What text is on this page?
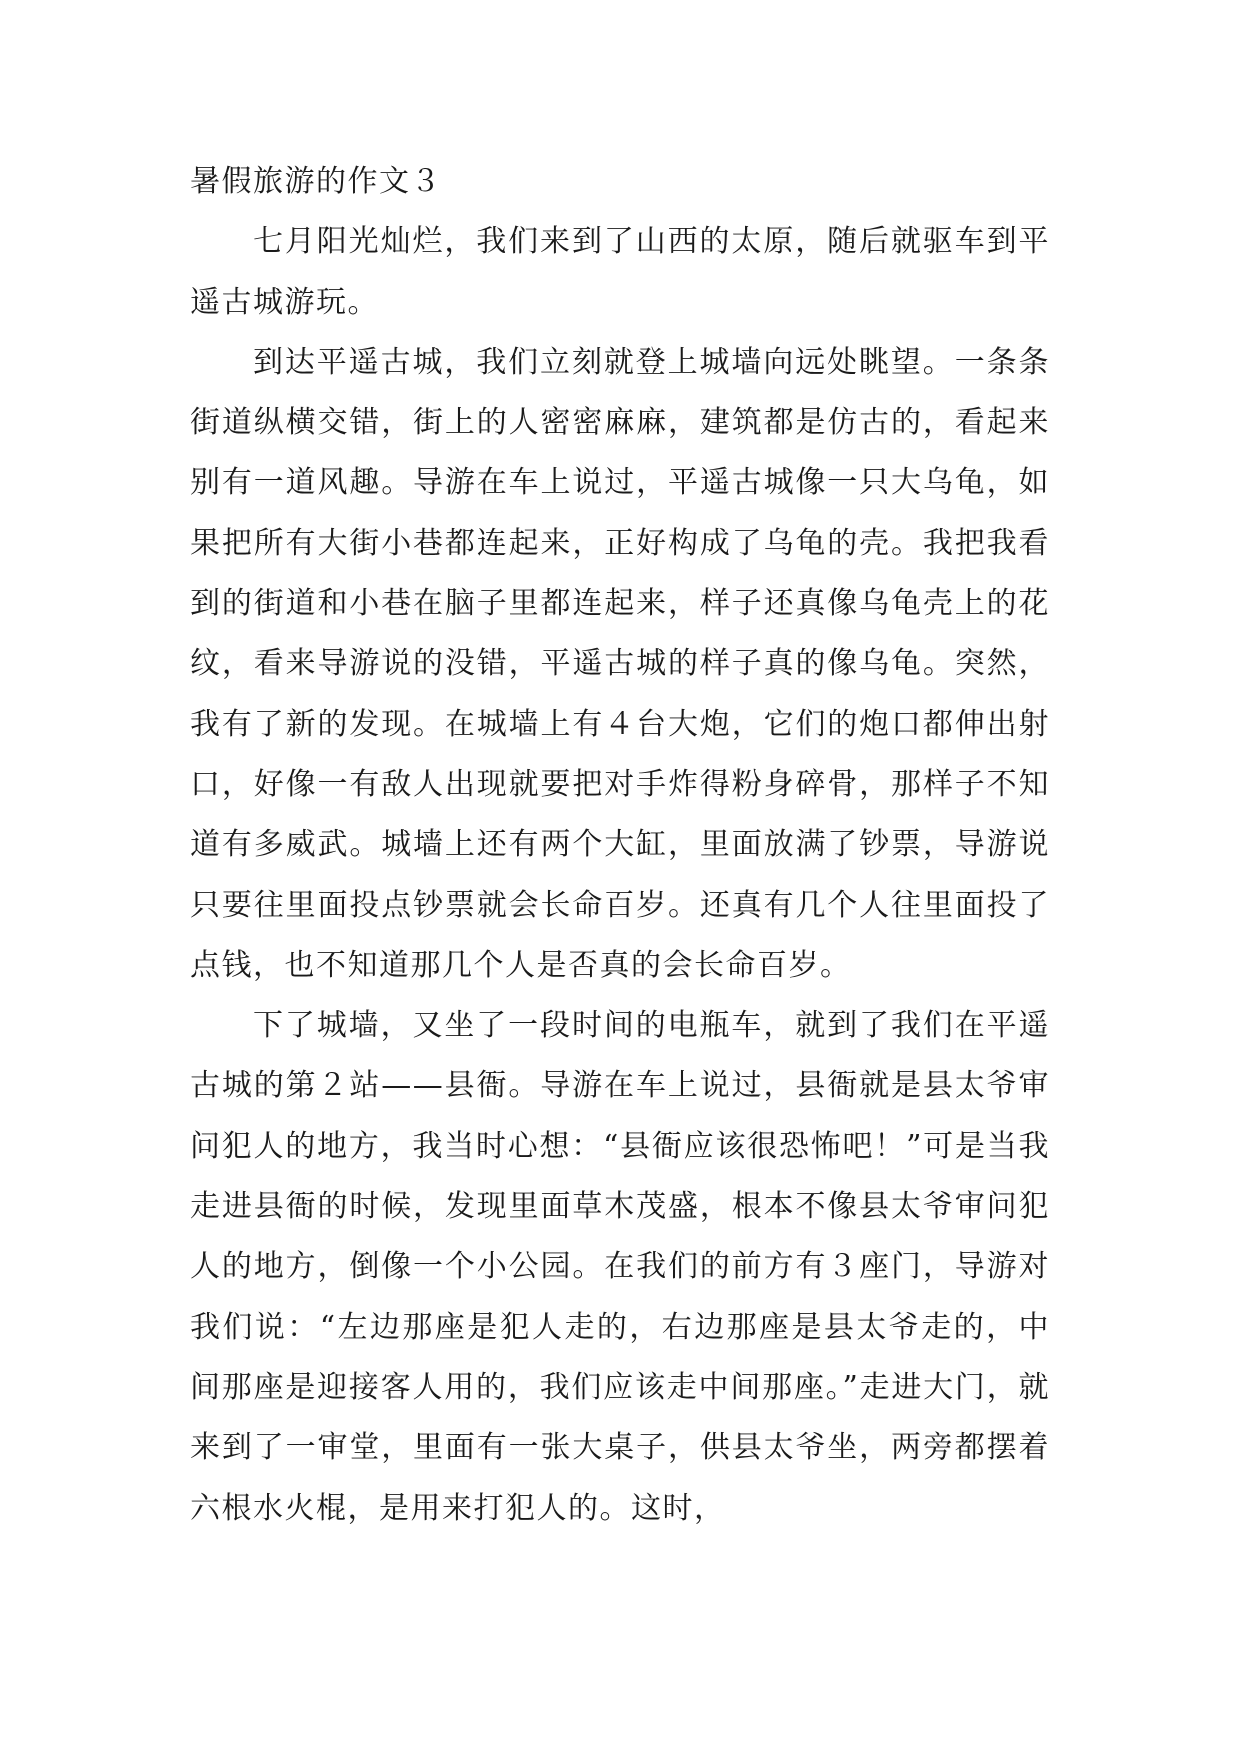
暑假旅游的作文３

七月阳光灿烂，我们来到了山西的太原，随后就驱车到平遥古城游玩。

到达平遥古城，我们立刻就登上城墙向远处眺望。一条条街道纵横交错，街上的人密密麻麻，建筑都是仿古的，看起来别有一道风趣。导游在车上说过，平遥古城像一只大乌龟，如果把所有大街小巷都连起来，正好构成了乌龟的壳。我把我看到的街道和小巷在脑子里都连起来，样子还真像乌龟壳上的花纹，看来导游说的没错，平遥古城的样子真的像乌龟。突然，我有了新的发现。在城墙上有４台大炮，它们的炮口都伸出射口，好像一有敌人出现就要把对手炸得粉身碎骨，那样子不知道有多威武。城墙上还有两个大缸，里面放满了钞票，导游说只要往里面投点钞票就会长命百岁。还真有几个人往里面投了点钱，也不知道那几个人是否真的会长命百岁。

下了城墙，又坐了一段时间的电瓶车，就到了我们在平遥古城的第２站——县衙。导游在车上说过，县衙就是县太爷审问犯人的地方，我当时心想：“县衙应该很恐怖吧！”可是当我走进县衙的时候，发现里面草木茂盛，根本不像县太爷审问犯人的地方，倒像一个小公园。在我们的前方有３座门，导游对我们说：“左边那座是犯人走的，右边那座是县太爷走的，中间那座是迎接客人用的，我们应该走中间那座。”走进大门，就来到了一审堂，里面有一张大桌子，供县太爷坐，两旁都摆着六根水火棍，是用来打犯人的。这时，
